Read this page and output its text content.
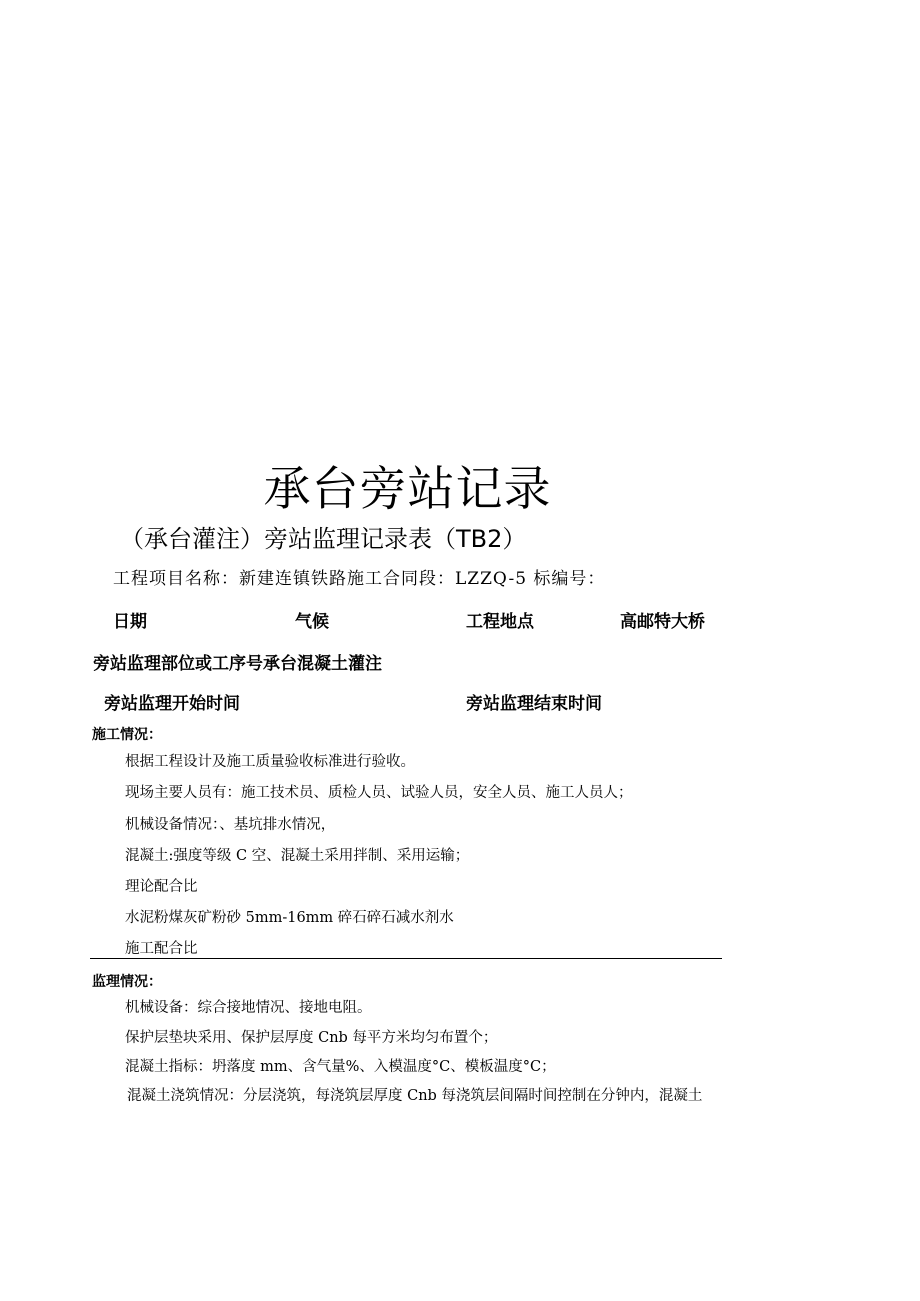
承台旁站记录
（承台灌注）旁站监理记录表（TB2）
工程项目名称：新建连镇铁路施工合同段：LZZQ-5 标编号：
日期	气候	工程地点	高邮特大桥
旁站监理部位或工序号承台混凝土灌注
旁站监理开始时间	旁站监理结束时间
施工情况：
根据工程设计及施工质量验收标准进行验收。
现场主要人员有：施工技术员、质检人员、试验人员，安全人员、施工人员人；
机械设备情况：、基坑排水情况，
混凝土:强度等级 C 空、混凝土采用拌制、采用运输；
理论配合比
水泥粉煤灰矿粉砂 5mm-16mm 碎石碎石减水剂水
施工配合比
监理情况：
机械设备：综合接地情况、接地电阻。
保护层垫块采用、保护层厚度 Cnb 每平方米均匀布置个；
混凝土指标：坍落度 mm、含气量%、入模温度°C、模板温度°C；
混凝土浇筑情况：分层浇筑，每浇筑层厚度 Cnb 每浇筑层间隔时间控制在分钟内，混凝土
